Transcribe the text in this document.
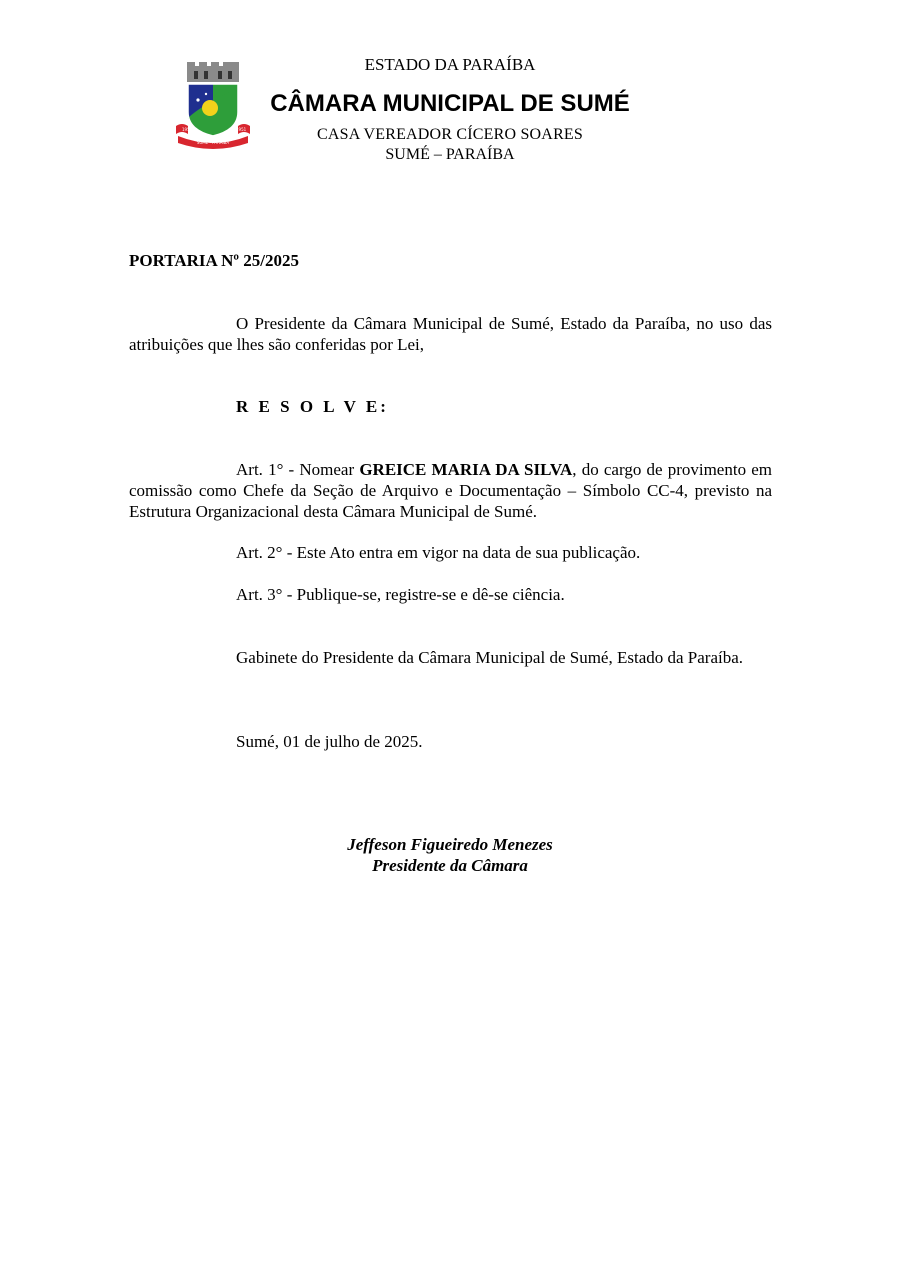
1951	1951
SUMÉ - PARAÍBA
ESTADO DA PARAÍBA
CÂMARA MUNICIPAL DE SUMÉ
CASA VEREADOR CÍCERO SOARES
SUMÉ – PARAÍBA
PORTARIA Nº 25/2025
O Presidente da Câmara Municipal de Sumé, Estado da Paraíba, no uso das atribuições que lhes são conferidas por Lei,
R E S O L V E:
Art. 1° - Nomear GREICE MARIA DA SILVA, do cargo de provimento em comissão como Chefe da Seção de Arquivo e Documentação – Símbolo CC-4, previsto na Estrutura Organizacional desta Câmara Municipal de Sumé.
Art. 2° - Este Ato entra em vigor na data de sua publicação.
Art. 3° - Publique-se, registre-se e dê-se ciência.
Gabinete do Presidente da Câmara Municipal de Sumé, Estado da Paraíba.
Sumé, 01 de julho de 2025.
Jeffeson Figueiredo Menezes
Presidente da Câmara
